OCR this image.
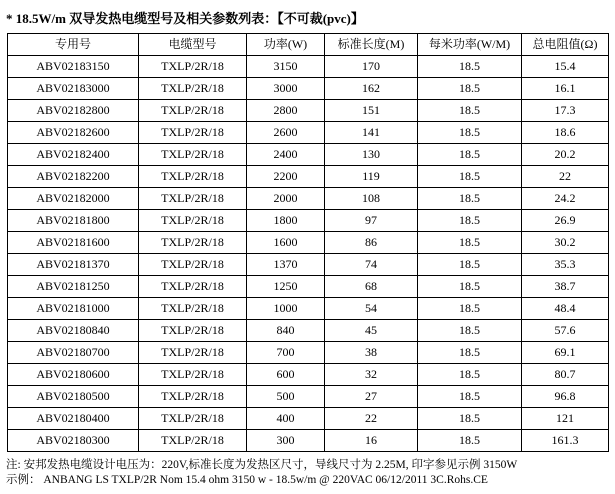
* 18.5W/m 双导发热电缆型号及相关参数列表：【不可裁(pvc)】
专用号	电缆型号	功率(W)	标准长度(M)	每米功率(W/M)	总电阻值(Ω)
ABV02183150	TXLP/2R/18	3150	170	18.5	15.4
ABV02183000	TXLP/2R/18	3000	162	18.5	16.1
ABV02182800	TXLP/2R/18	2800	151	18.5	17.3
ABV02182600	TXLP/2R/18	2600	141	18.5	18.6
ABV02182400	TXLP/2R/18	2400	130	18.5	20.2
ABV02182200	TXLP/2R/18	2200	119	18.5	22
ABV02182000	TXLP/2R/18	2000	108	18.5	24.2
ABV02181800	TXLP/2R/18	1800	97	18.5	26.9
ABV02181600	TXLP/2R/18	1600	86	18.5	30.2
ABV02181370	TXLP/2R/18	1370	74	18.5	35.3
ABV02181250	TXLP/2R/18	1250	68	18.5	38.7
ABV02181000	TXLP/2R/18	1000	54	18.5	48.4
ABV02180840	TXLP/2R/18	840	45	18.5	57.6
ABV02180700	TXLP/2R/18	700	38	18.5	69.1
ABV02180600	TXLP/2R/18	600	32	18.5	80.7
ABV02180500	TXLP/2R/18	500	27	18.5	96.8
ABV02180400	TXLP/2R/18	400	22	18.5	121
ABV02180300	TXLP/2R/18	300	16	18.5	161.3
注: 安邦发热电缆设计电压为：220V,标准长度为发热区尺寸，导线尺寸为 2.25M, 印字参见示例 3150W
示例： ANBANG LS TXLP/2R Nom 15.4 ohm 3150 w - 18.5w/m @ 220VAC 06/12/2011 3C.Rohs.CE
